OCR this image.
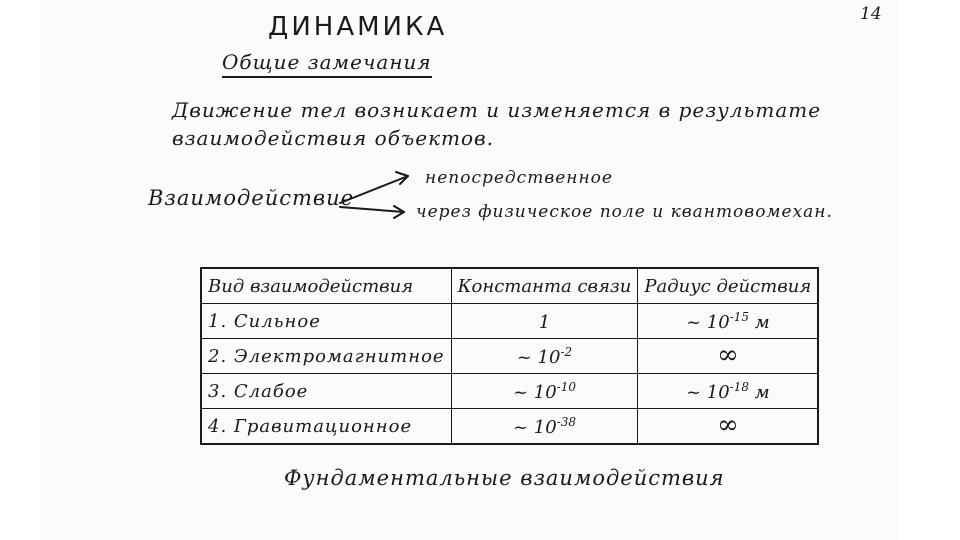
14
ДИНАМИКА
Общие замечания
Движение тел возникает и изменяется в результате
взаимодействия объектов.
Взаимодействие
непосредственное
через физическое поле и квантовомехан.
Вид взаимодействия	Константа связи	Радиус действия
1. Сильное	1	~ $10^{-15}$ м
2. Электромагнитное	~ $10^{-2}$	∞
3. Слабое	~ $10^{-10}$	~ $10^{-18}$ м
4. Гравитационное	~ $10^{-38}$	∞
Фундаментальные взаимодействия
